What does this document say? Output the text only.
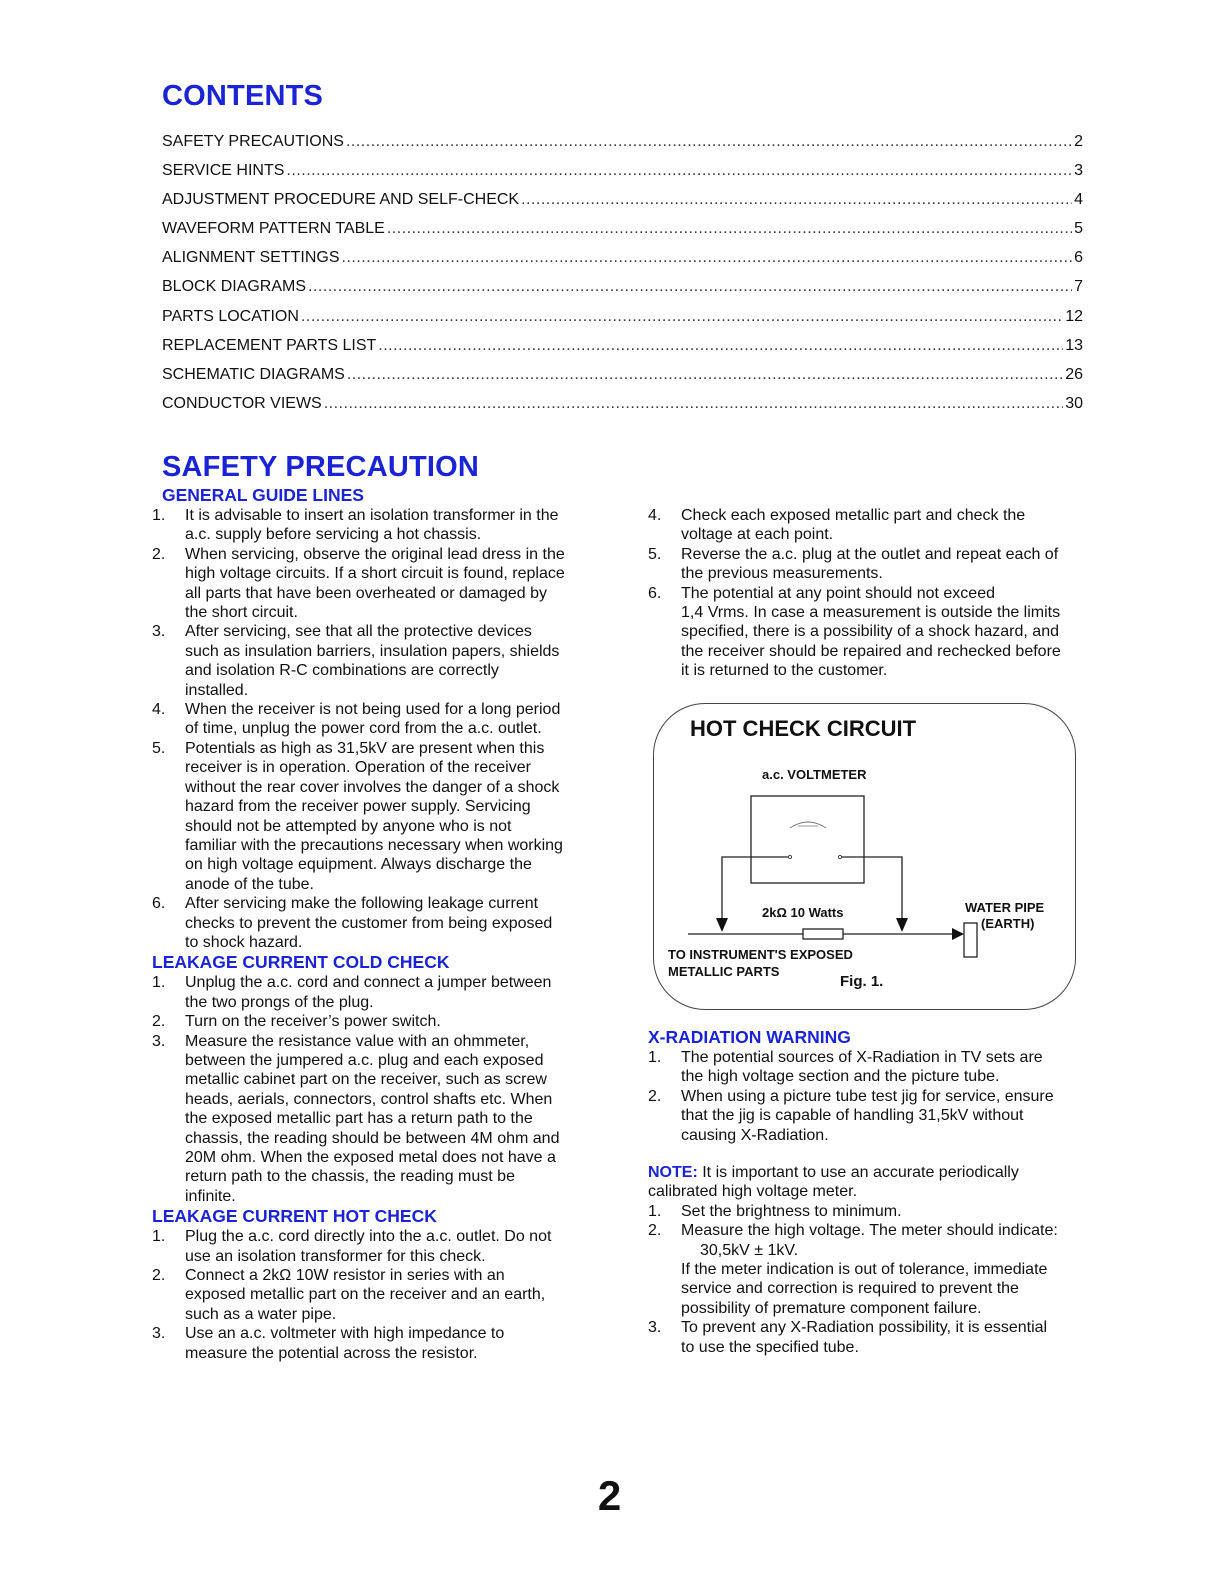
CONTENTS
SAFETY PRECAUTIONS .....	2
SERVICE HINTS .....	3
ADJUSTMENT PROCEDURE AND SELF-CHECK .....	4
WAVEFORM PATTERN TABLE .....	5
ALIGNMENT SETTINGS .....	6
BLOCK DIAGRAMS .....	7
PARTS LOCATION .....	12
REPLACEMENT PARTS LIST .....	13
SCHEMATIC DIAGRAMS .....	26
CONDUCTOR VIEWS .....	30
SAFETY PRECAUTION
GENERAL GUIDE LINES
1.	It is advisable to insert an isolation transformer in the
a.c. supply before servicing a hot chassis.
2.	When servicing, observe the original lead dress in the
high voltage circuits. If a short circuit is found, replace
all parts that have been overheated or damaged by
the short circuit.
3.	After servicing, see that all the protective devices
such as insulation barriers, insulation papers, shields
and isolation R-C combinations are correctly
installed.
4.	When the receiver is not being used for a long period
of time, unplug the power cord from the a.c. outlet.
5.	Potentials as high as 31,5kV are present when this
receiver is in operation. Operation of the receiver
without the rear cover involves the danger of a shock
hazard from the receiver power supply. Servicing
should not be attempted by anyone who is not
familiar with the precautions necessary when working
on high voltage equipment. Always discharge the
anode of the tube.
6.	After servicing make the following leakage current
checks to prevent the customer from being exposed
to shock hazard.
LEAKAGE CURRENT COLD CHECK
1.	Unplug the a.c. cord and connect a jumper between
the two prongs of the plug.
2.	Turn on the receiver’s power switch.
3.	Measure the resistance value with an ohmmeter,
between the jumpered a.c. plug and each exposed
metallic cabinet part on the receiver, such as screw
heads, aerials, connectors, control shafts etc. When
the exposed metallic part has a return path to the
chassis, the reading should be between 4M ohm and
20M ohm. When the exposed metal does not have a
return path to the chassis, the reading must be
infinite.
LEAKAGE CURRENT HOT CHECK
1.	Plug the a.c. cord directly into the a.c. outlet. Do not
use an isolation transformer for this check.
2.	Connect a 2kΩ 10W resistor in series with an
exposed metallic part on the receiver and an earth,
such as a water pipe.
3.	Use an a.c. voltmeter with high impedance to
measure the potential across the resistor.
4.	Check each exposed metallic part and check the
voltage at each point.
5.	Reverse the a.c. plug at the outlet and repeat each of
the previous measurements.
6.	The potential at any point should not exceed
1,4 Vrms. In case a measurement is outside the limits
specified, there is a possibility of a shock hazard, and
the receiver should be repaired and rechecked before
it is returned to the customer.
HOT CHECK CIRCUIT
a.c. VOLTMETER
2kΩ 10 Watts	WATER PIPE
(EARTH)
TO INSTRUMENT'S EXPOSED
METALLIC PARTS
Fig. 1.
X-RADIATION WARNING
1.	The potential sources of X-Radiation in TV sets are
the high voltage section and the picture tube.
2.	When using a picture tube test jig for service, ensure
that the jig is capable of handling 31,5kV without
causing X-Radiation.
NOTE: It is important to use an accurate periodically
calibrated high voltage meter.
1.	Set the brightness to minimum.
2.	Measure the high voltage. The meter should indicate:
30,5kV ± 1kV.
If the meter indication is out of tolerance, immediate
service and correction is required to prevent the
possibility of premature component failure.
3.	To prevent any X-Radiation possibility, it is essential
to use the specified tube.
2
